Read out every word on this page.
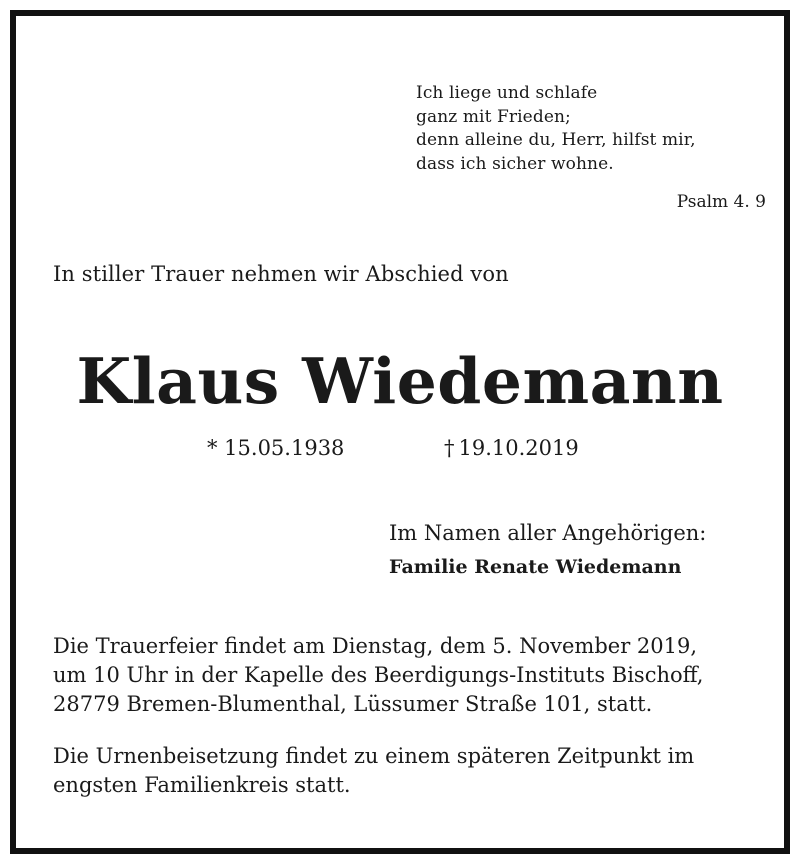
Ich liege und schlafe
ganz mit Frieden;
denn alleine du, Herr, hilfst mir,
dass ich sicher wohne.
Psalm 4. 9
In stiller Trauer nehmen wir Abschied von
Klaus Wiedemann
* 15.05.1938	† 19.10.2019
Im Namen aller Angehörigen:
Familie Renate Wiedemann
Die Trauerfeier findet am Dienstag, dem 5. November 2019,
um 10 Uhr in der Kapelle des Beerdigungs-Instituts Bischoff,
28779 Bremen-Blumenthal, Lüssumer Straße 101, statt.
Die Urnenbeisetzung findet zu einem späteren Zeitpunkt im
engsten Familienkreis statt.
